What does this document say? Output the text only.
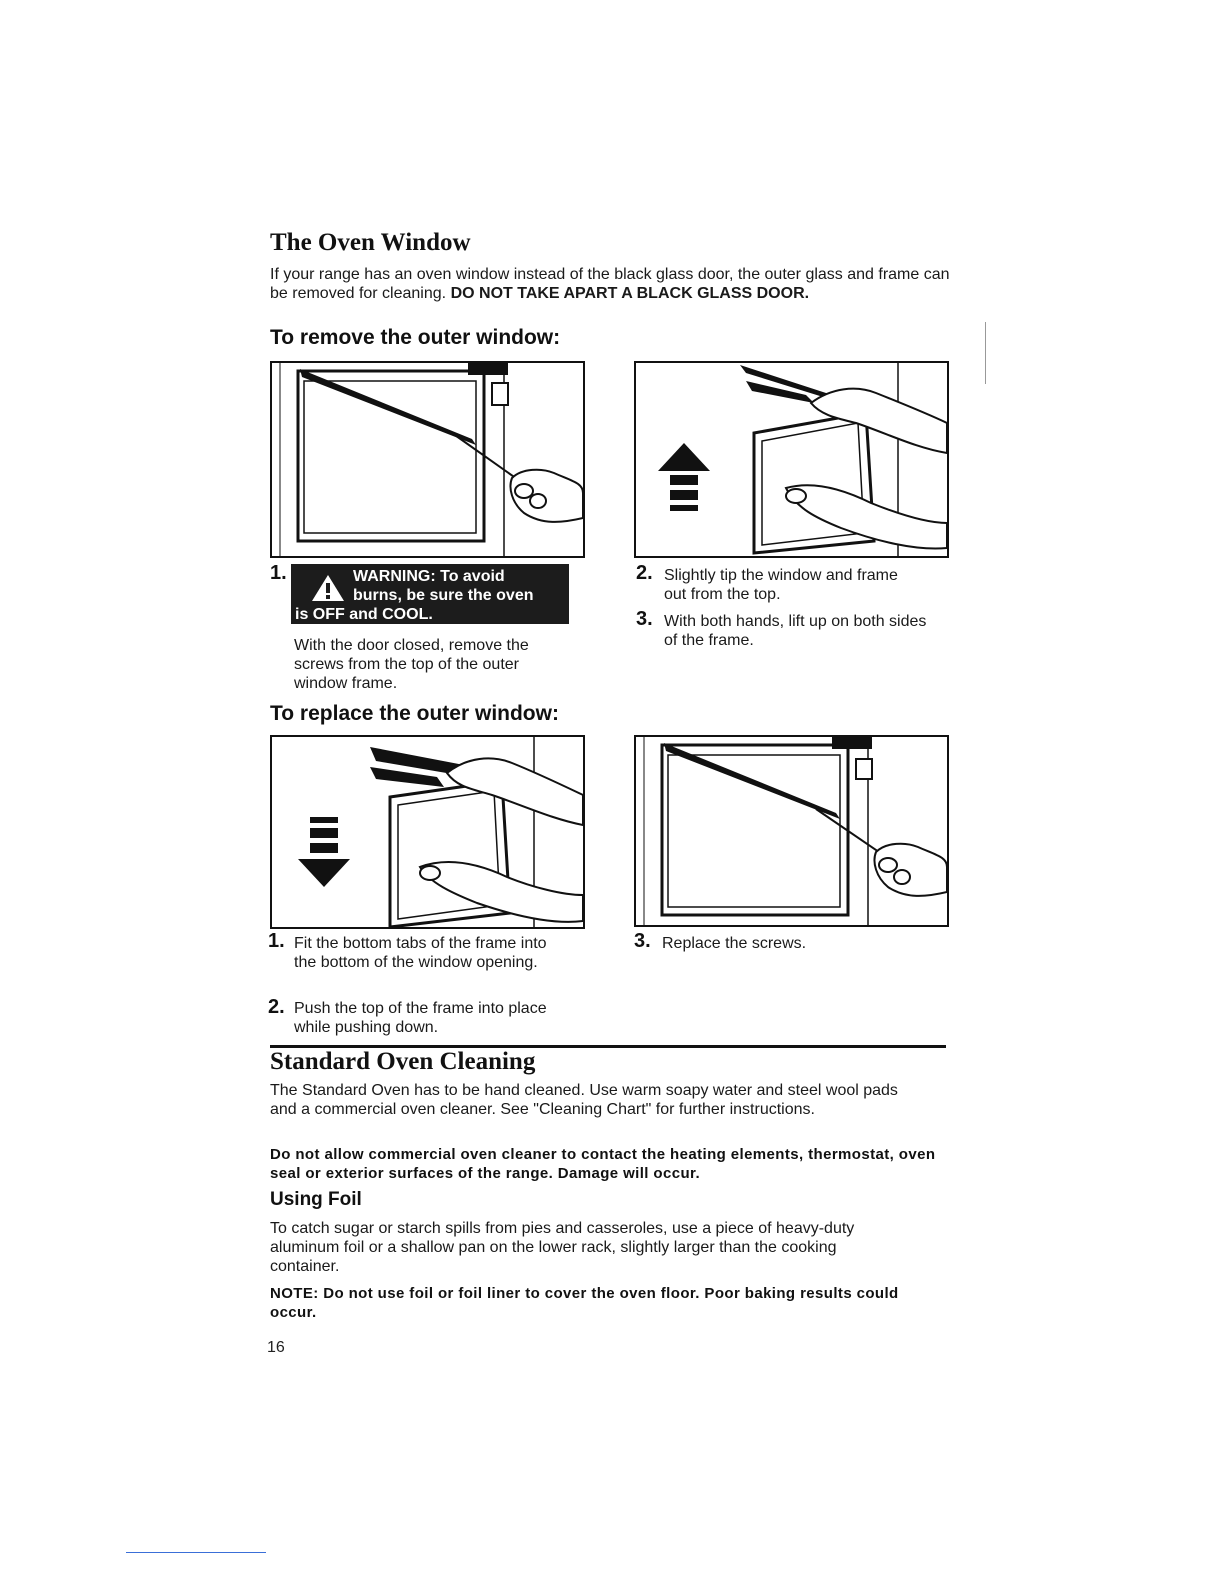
The Oven Window
If your range has an oven window instead of the black glass door, the outer glass and frame can be removed for cleaning. DO NOT TAKE APART A BLACK GLASS DOOR.
To remove the outer window:
1.	WARNING: To avoid
burns, be sure the oven
is OFF and COOL.
With the door closed, remove the screws from the top of the outer window frame.
2. Slightly tip the window and frame out from the top.
3. With both hands, lift up on both sides of the frame.
To replace the outer window:
1. Fit the bottom tabs of the frame into the bottom of the window opening.
2. Push the top of the frame into place while pushing down.
3. Replace the screws.
Standard Oven Cleaning
The Standard Oven has to be hand cleaned. Use warm soapy water and steel wool pads and a commercial oven cleaner. See "Cleaning Chart" for further instructions.
Do not allow commercial oven cleaner to contact the heating elements, thermostat, oven seal or exterior surfaces of the range. Damage will occur.
Using Foil
To catch sugar or starch spills from pies and casseroles, use a piece of heavy-duty aluminum foil or a shallow pan on the lower rack, slightly larger than the cooking container.
NOTE: Do not use foil or foil liner to cover the oven floor. Poor baking results could occur.
16
